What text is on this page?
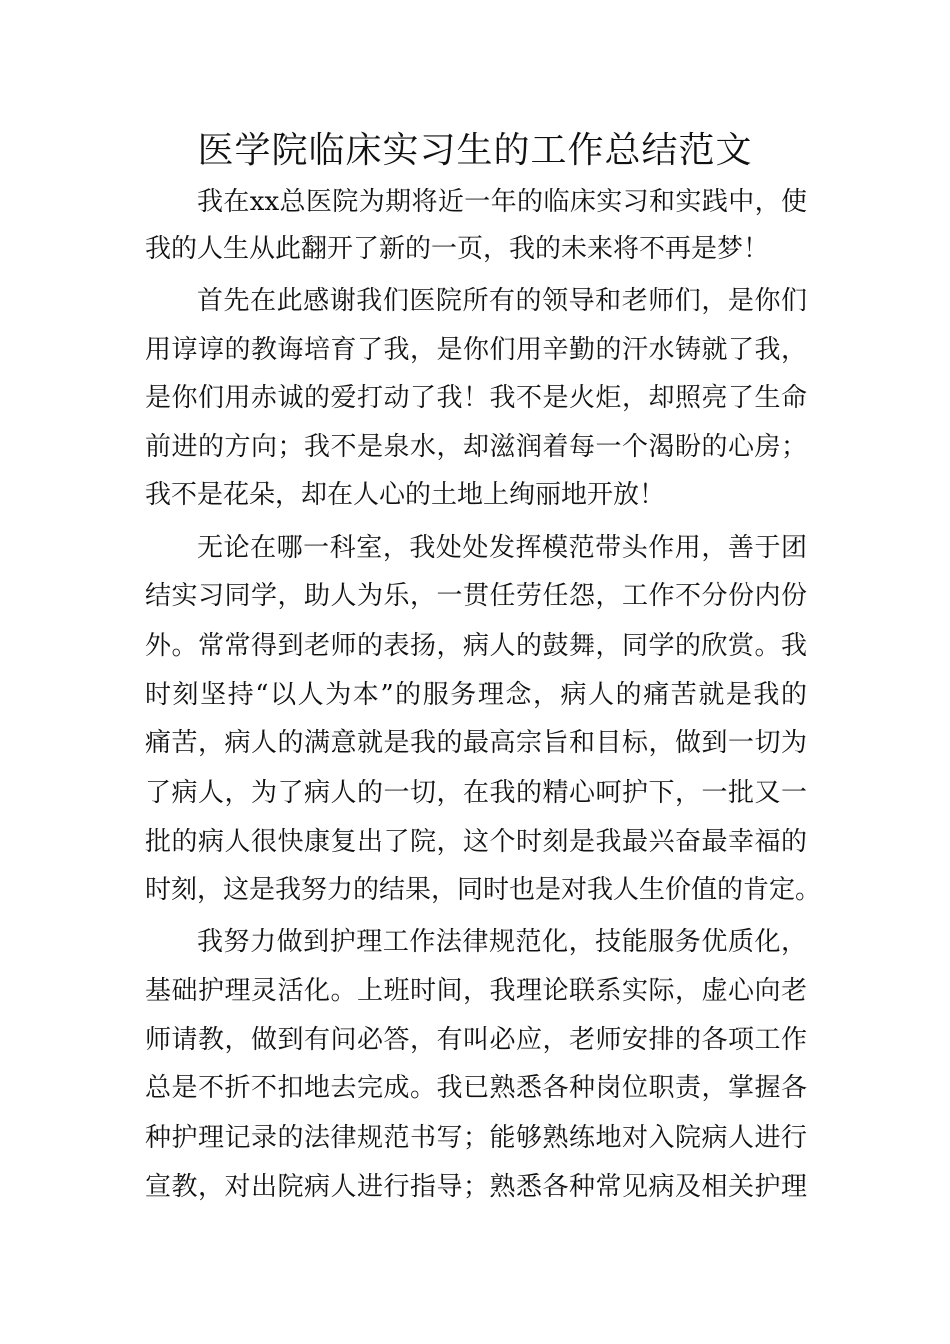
医学院临床实习生的工作总结范文
我在xx总医院为期将近一年的临床实习和实践中，使
我的人生从此翻开了新的一页，我的未来将不再是梦！
首先在此感谢我们医院所有的领导和老师们，是你们
用谆谆的教诲培育了我，是你们用辛勤的汗水铸就了我，
是你们用赤诚的爱打动了我！我不是火炬，却照亮了生命
前进的方向；我不是泉水，却滋润着每一个渴盼的心房；
我不是花朵，却在人心的土地上绚丽地开放！
无论在哪一科室，我处处发挥模范带头作用，善于团
结实习同学，助人为乐，一贯任劳任怨，工作不分份内份
外。常常得到老师的表扬，病人的鼓舞，同学的欣赏。我
时刻坚持“以人为本”的服务理念，病人的痛苦就是我的
痛苦，病人的满意就是我的最高宗旨和目标，做到一切为
了病人，为了病人的一切，在我的精心呵护下，一批又一
批的病人很快康复出了院，这个时刻是我最兴奋最幸福的
时刻，这是我努力的结果，同时也是对我人生价值的肯定。
我努力做到护理工作法律规范化，技能服务优质化，
基础护理灵活化。上班时间，我理论联系实际，虚心向老
师请教，做到有问必答，有叫必应，老师安排的各项工作
总是不折不扣地去完成。我已熟悉各种岗位职责，掌握各
种护理记录的法律规范书写；能够熟练地对入院病人进行
宣教，对出院病人进行指导；熟悉各种常见病及相关护理
